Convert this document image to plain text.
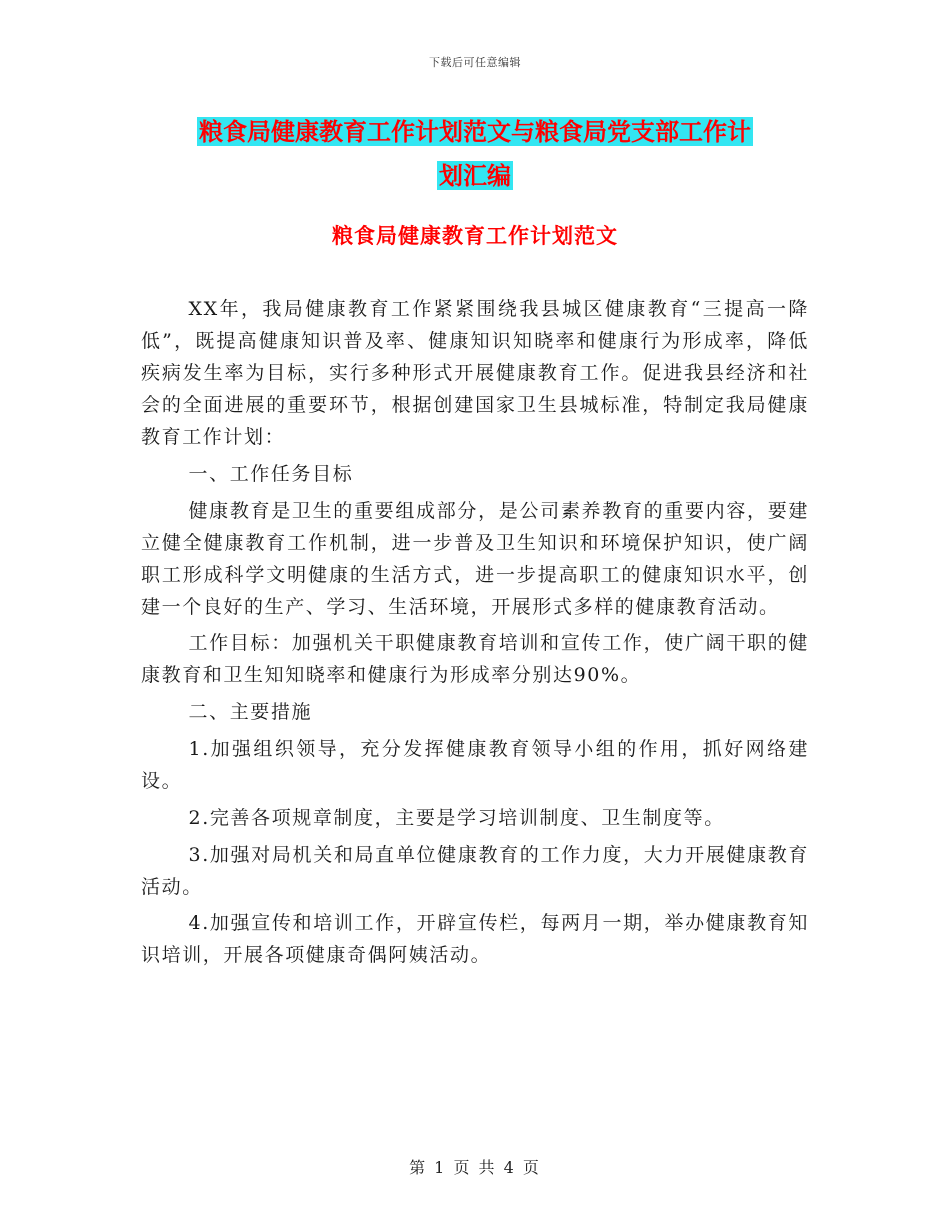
下载后可任意编辑
粮食局健康教育工作计划范文与粮食局党支部工作计
划汇编
粮食局健康教育工作计划范文

XX年，我局健康教育工作紧紧围绕我县城区健康教育“三提高一降低”，既提高健康知识普及率、健康知识知晓率和健康行为形成率，降低疾病发生率为目标，实行多种形式开展健康教育工作。促进我县经济和社会的全面进展的重要环节，根据创建国家卫生县城标准，特制定我局健康教育工作计划：

一、工作任务目标

健康教育是卫生的重要组成部分，是公司素养教育的重要内容，要建立健全健康教育工作机制，进一步普及卫生知识和环境保护知识，使广阔职工形成科学文明健康的生活方式，进一步提高职工的健康知识水平，创建一个良好的生产、学习、生活环境，开展形式多样的健康教育活动。

工作目标：加强机关干职健康教育培训和宣传工作，使广阔干职的健康教育和卫生知知晓率和健康行为形成率分别达90%。

二、主要措施

1.加强组织领导，充分发挥健康教育领导小组的作用，抓好网络建设。

2.完善各项规章制度，主要是学习培训制度、卫生制度等。

3.加强对局机关和局直单位健康教育的工作力度，大力开展健康教育活动。

4.加强宣传和培训工作，开辟宣传栏，每两月一期，举办健康教育知识培训，开展各项健康奇偶阿姨活动。

第 1 页 共 4 页
